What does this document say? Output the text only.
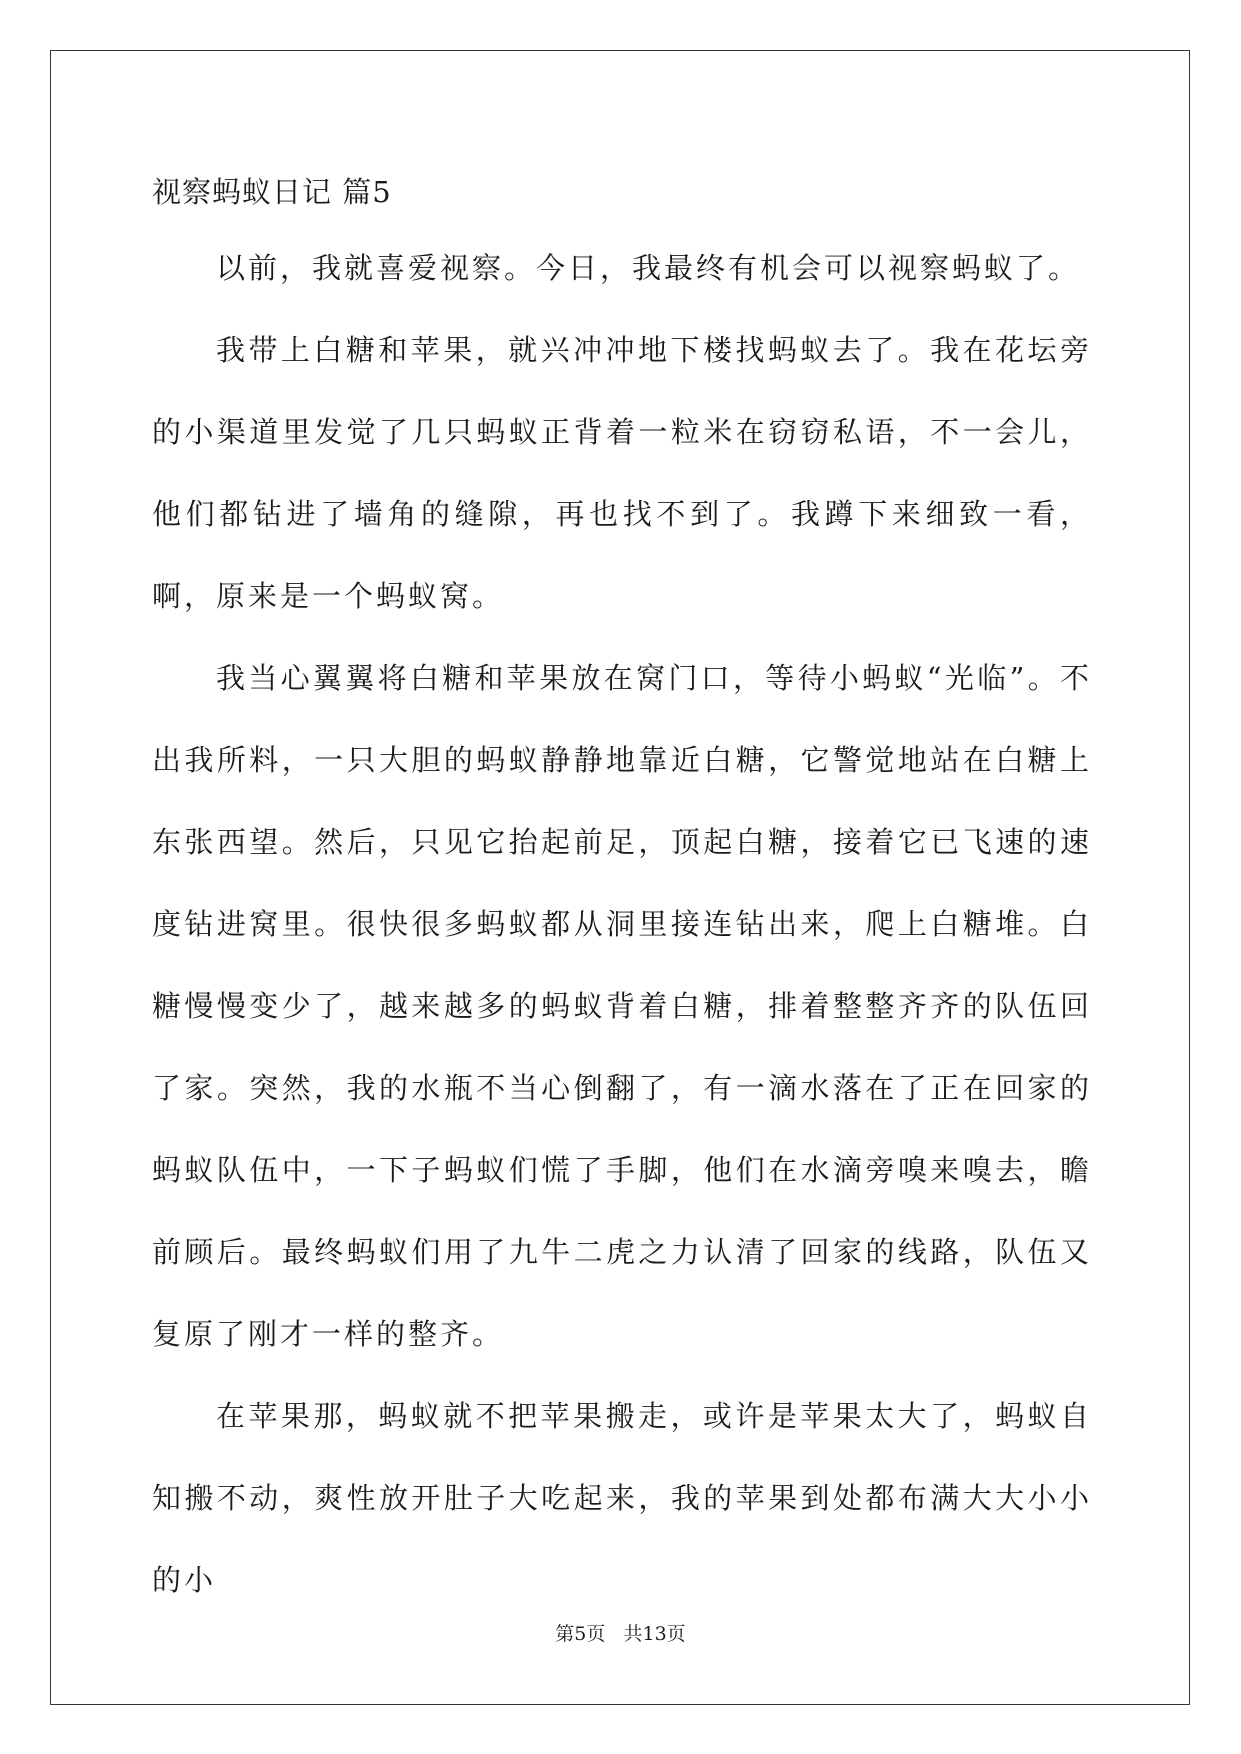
视察蚂蚁日记 篇5

以前，我就喜爱视察。今日，我最终有机会可以视察蚂蚁了。

我带上白糖和苹果，就兴冲冲地下楼找蚂蚁去了。我在花坛旁的小渠道里发觉了几只蚂蚁正背着一粒米在窃窃私语，不一会儿，他们都钻进了墙角的缝隙，再也找不到了。我蹲下来细致一看，啊，原来是一个蚂蚁窝。

我当心翼翼将白糖和苹果放在窝门口，等待小蚂蚁“光临”。不出我所料，一只大胆的蚂蚁静静地靠近白糖，它警觉地站在白糖上东张西望。然后，只见它抬起前足，顶起白糖，接着它已飞速的速度钻进窝里。很快很多蚂蚁都从洞里接连钻出来，爬上白糖堆。白糖慢慢变少了，越来越多的蚂蚁背着白糖，排着整整齐齐的队伍回了家。突然，我的水瓶不当心倒翻了，有一滴水落在了正在回家的蚂蚁队伍中，一下子蚂蚁们慌了手脚，他们在水滴旁嗅来嗅去，瞻前顾后。最终蚂蚁们用了九牛二虎之力认清了回家的线路，队伍又复原了刚才一样的整齐。

在苹果那，蚂蚁就不把苹果搬走，或许是苹果太大了，蚂蚁自知搬不动，爽性放开肚子大吃起来，我的苹果到处都布满大大小小的小

第5页   共13页
